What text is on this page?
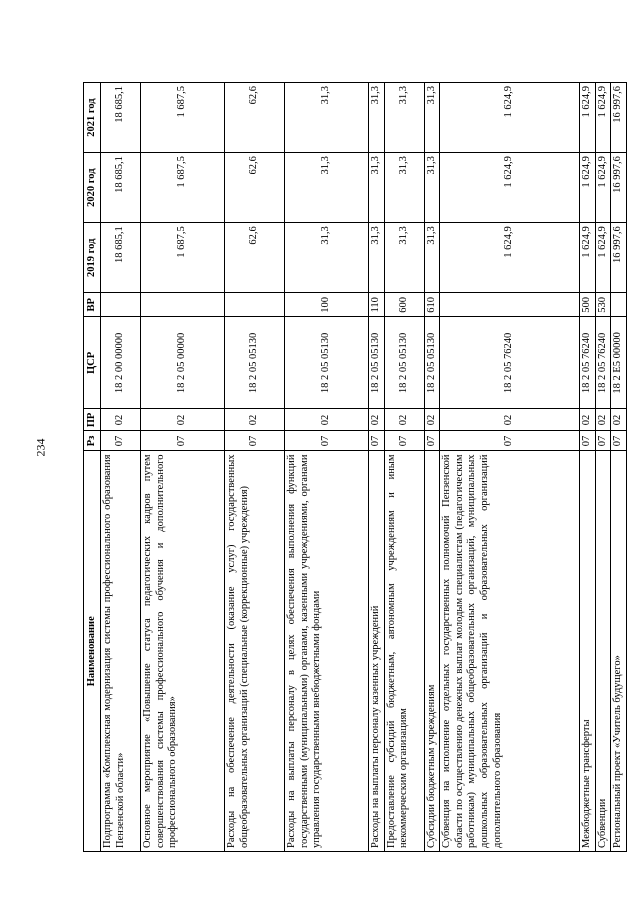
234
Наименование	Рз	ПР	ЦСР	ВР	2019 год	2020 год	2021 год
Подпрограмма «Комплексная модернизация системы профессионального образования Пензенской области»	07	02	18 2 00 00000		18 685,1	18 685,1	18 685,1
Основное мероприятие «Повышение статуса педагогических кадров путем совершенствования системы профессионального обучения и дополнительного профессионального образования»	07	02	18 2 05 00000		1 687,5	1 687,5	1 687,5
Расходы на обеспечение деятельности (оказание услуг) государственных общеобразовательных организаций (специальные (коррекционные) учреждения)	07	02	18 2 05 05130		62,6	62,6	62,6
Расходы на выплаты персоналу в целях обеспечения выполнения функций государственными (муниципальными) органами, казенными учреждениями, органами управления государственными внебюджетными фондами	07	02	18 2 05 05130	100	31,3	31,3	31,3
Расходы на выплаты персоналу казенных учреждений	07	02	18 2 05 05130	110	31,3	31,3	31,3
Предоставление субсидий бюджетным, автономным учреждениям и иным некоммерческим организациям	07	02	18 2 05 05130	600	31,3	31,3	31,3
Субсидии бюджетным учреждениям	07	02	18 2 05 05130	610	31,3	31,3	31,3
Субвенция на исполнение отдельных государственных полномочий Пензенской области по осуществлению денежных выплат молодым специалистам (педагогическим работникам) муниципальных общеобразовательных организаций, муниципальных дошкольных образовательных организаций и образовательных организаций дополнительного образования	07	02	18 2 05 76240		1 624,9	1 624,9	1 624,9
Межбюджетные трансферты	07	02	18 2 05 76240	500	1 624,9	1 624,9	1 624,9
Субвенции	07	02	18 2 05 76240	530	1 624,9	1 624,9	1 624,9
Региональный проект «Учитель будущего»	07	02	18 2 E5 00000		16 997,6	16 997,6	16 997,6
